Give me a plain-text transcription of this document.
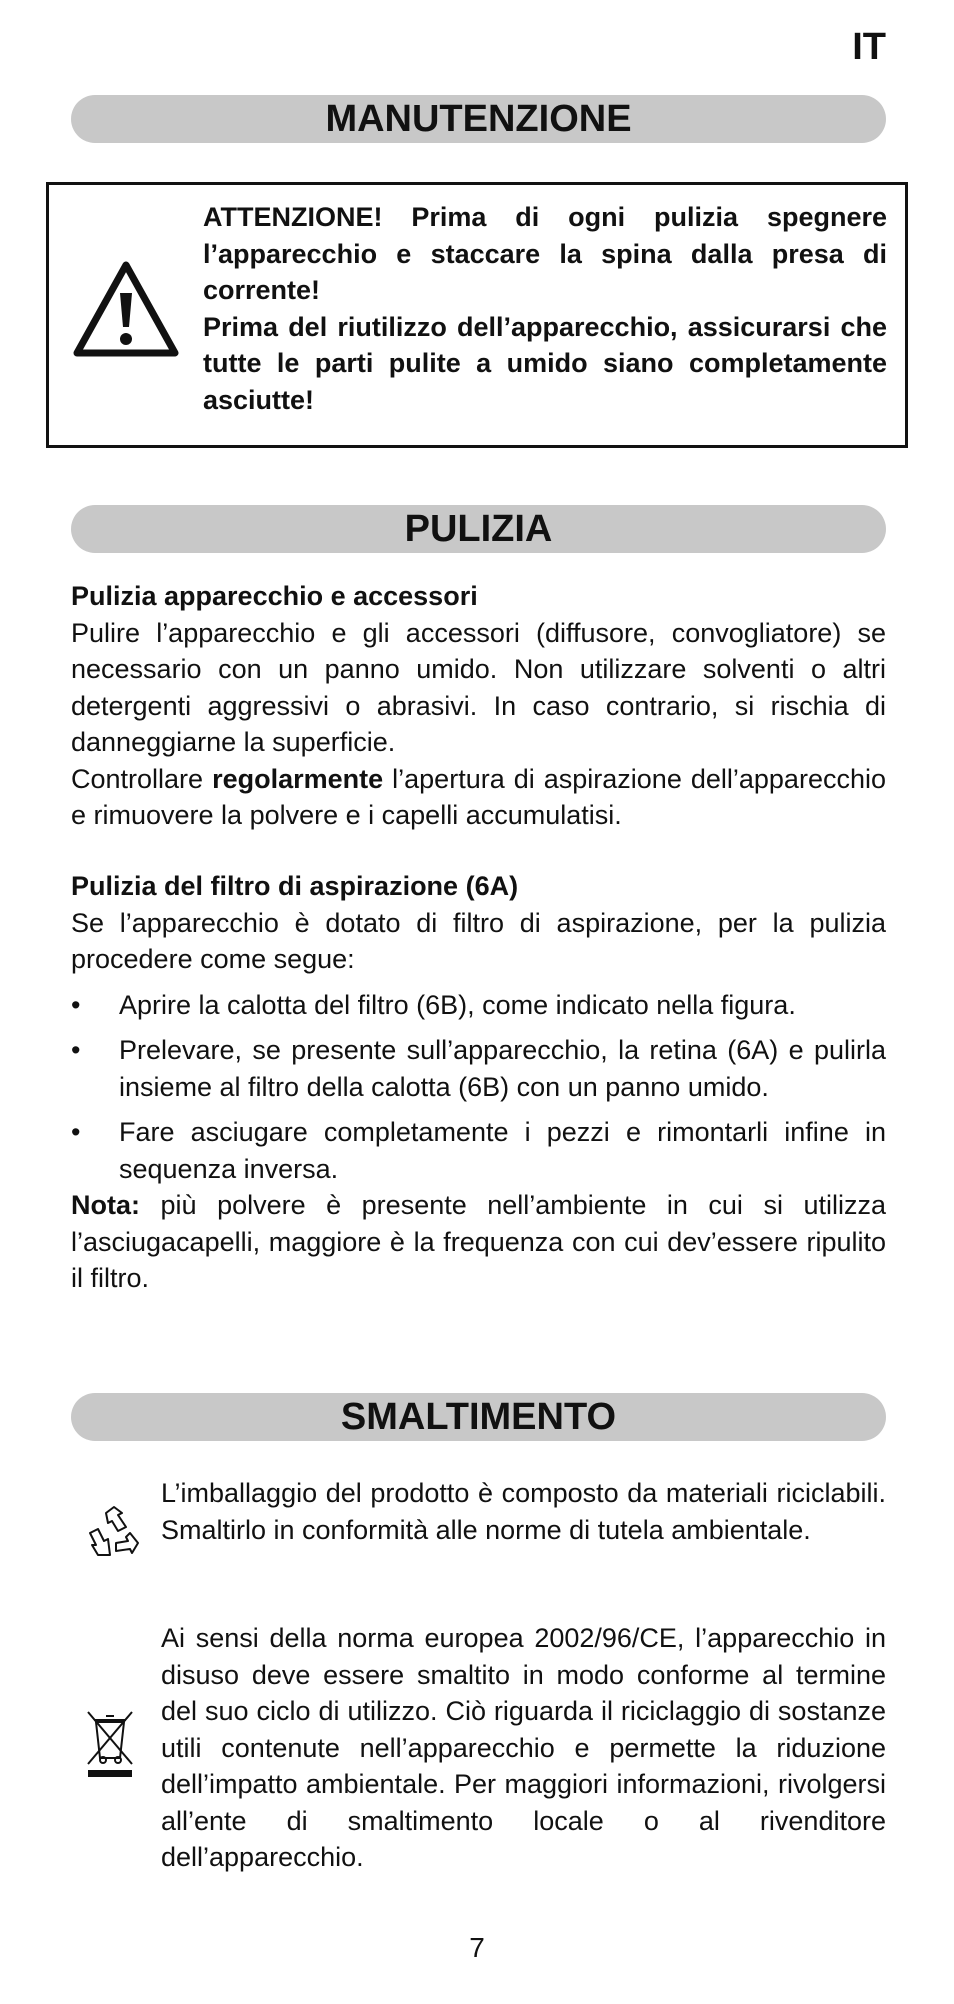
IT
MANUTENZIONE

ATTENZIONE! Prima di ogni pulizia spegnere l’apparecchio e staccare la spina dalla presa di corrente!

Prima del riutilizzo dell’apparecchio, assicurarsi che tutte le parti pulite a umido siano completamente asciutte!

PULIZIA

Pulizia apparecchio e accessori

Pulire l’apparecchio e gli accessori (diffusore, convogliatore) se necessario con un panno umido. Non utilizzare solventi o altri detergenti aggressivi o abrasivi. In caso contrario, si rischia di danneggiarne la superficie.

Controllare regolarmente l’apertura di aspirazione dell’apparecchio e rimuovere la polvere e i capelli accumulatisi.

Pulizia del filtro di aspirazione (6A)

Se l’apparecchio è dotato di filtro di aspirazione, per la pulizia procedere come segue:

• Aprire la calotta del filtro (6B), come indicato nella figura.
• Prelevare, se presente sull’apparecchio, la retina (6A) e pulirla insieme al filtro della calotta (6B) con un panno umido.
• Fare asciugare completamente i pezzi e rimontarli infine in sequenza inversa.

Nota: più polvere è presente nell’ambiente in cui si utilizza l’asciugacapelli, maggiore è la frequenza con cui dev’essere ripulito il filtro.

SMALTIMENTO
L’imballaggio del prodotto è composto da materiali riciclabili. Smaltirlo in conformità alle norme di tutela ambientale.
Ai sensi della norma europea 2002/96/CE, l’apparecchio in disuso deve essere smaltito in modo conforme al termine del suo ciclo di utilizzo. Ciò riguarda il riciclaggio di sostanze utili contenute nell’apparecchio e permette la riduzione dell’impatto ambientale. Per maggiori informazioni, rivolgersi all’ente di smaltimento locale o al rivenditore dell’apparecchio.
7
